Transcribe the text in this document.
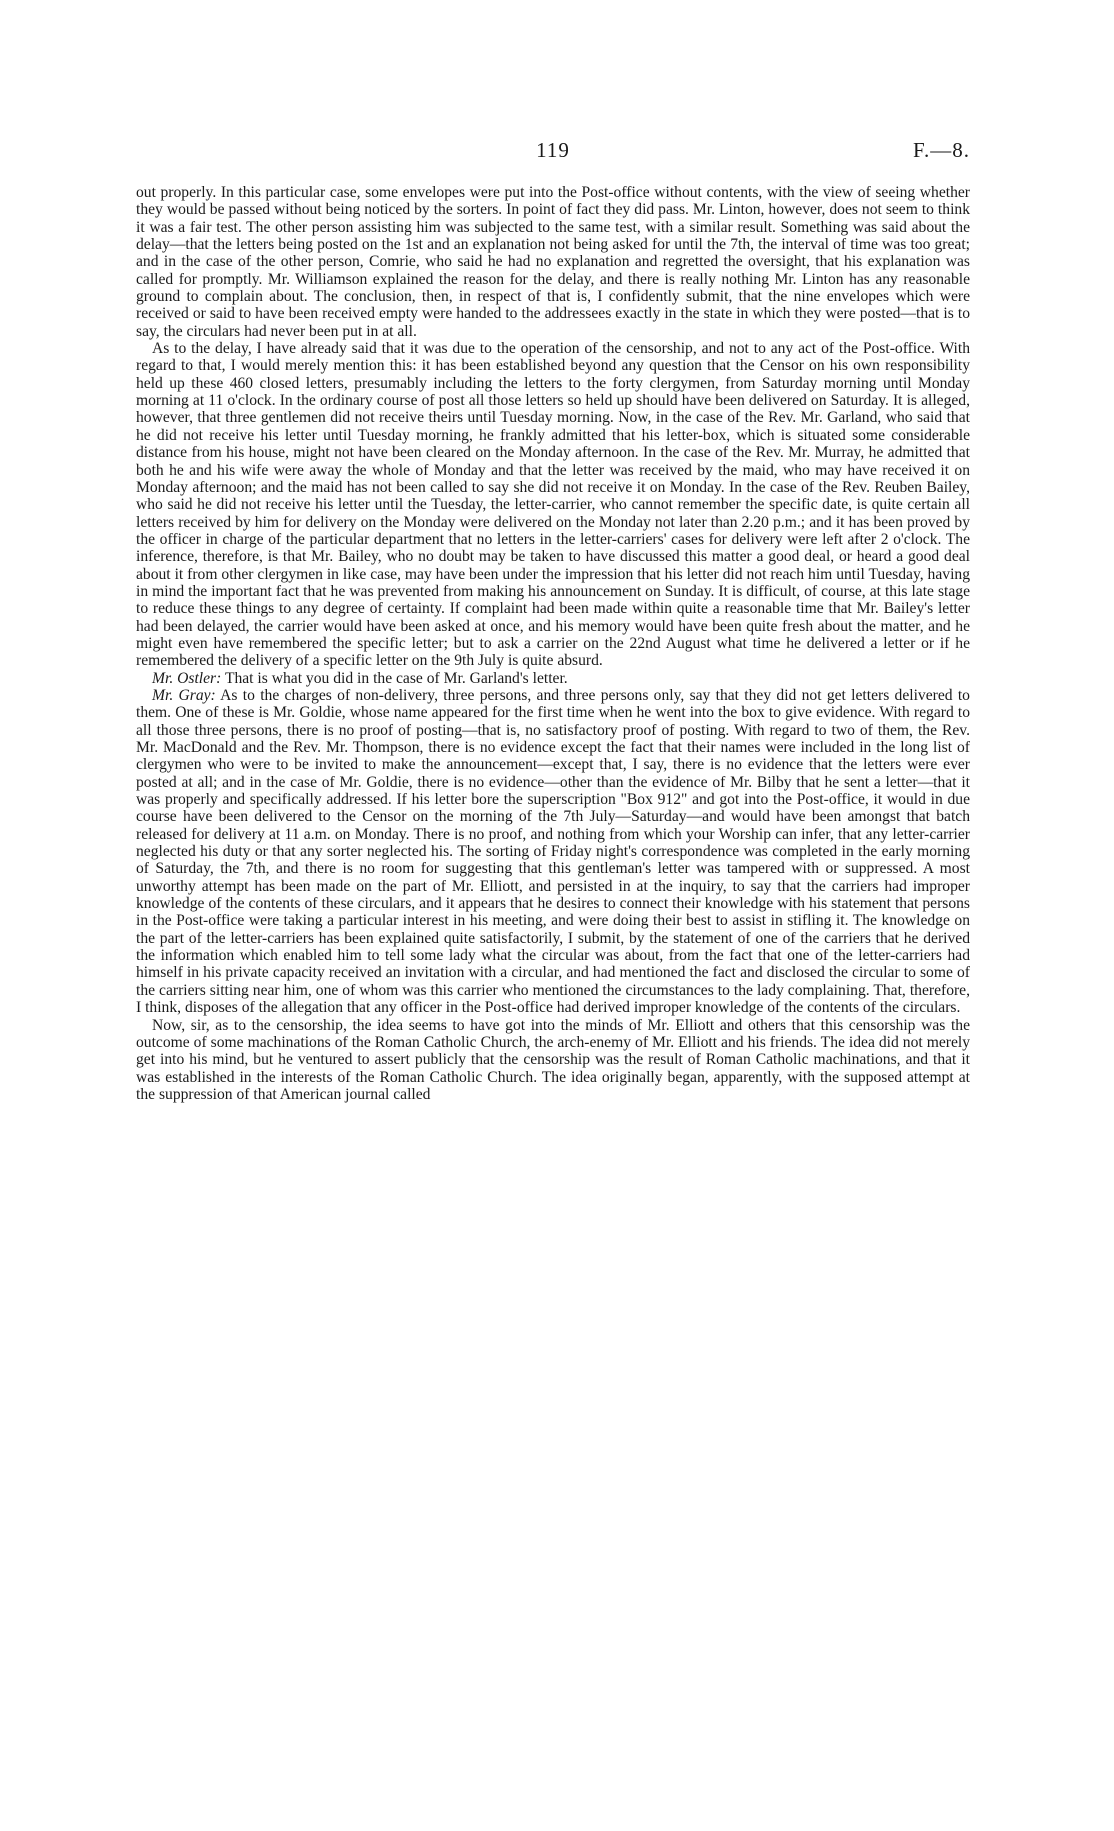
119	F.—8.

out properly. In this particular case, some envelopes were put into the Post-office without contents, with the view of seeing whether they would be passed without being noticed by the sorters. In point of fact they did pass. Mr. Linton, however, does not seem to think it was a fair test. The other person assisting him was subjected to the same test, with a similar result. Something was said about the delay—that the letters being posted on the 1st and an explanation not being asked for until the 7th, the interval of time was too great; and in the case of the other person, Comrie, who said he had no explanation and regretted the oversight, that his explanation was called for promptly. Mr. Williamson explained the reason for the delay, and there is really nothing Mr. Linton has any reasonable ground to complain about. The conclusion, then, in respect of that is, I confidently submit, that the nine envelopes which were received or said to have been received empty were handed to the addressees exactly in the state in which they were posted—that is to say, the circulars had never been put in at all.

As to the delay, I have already said that it was due to the operation of the censorship, and not to any act of the Post-office. With regard to that, I would merely mention this: it has been established beyond any question that the Censor on his own responsibility held up these 460 closed letters, presumably including the letters to the forty clergymen, from Saturday morning until Monday morning at 11 o'clock. In the ordinary course of post all those letters so held up should have been delivered on Saturday. It is alleged, however, that three gentlemen did not receive theirs until Tuesday morning. Now, in the case of the Rev. Mr. Garland, who said that he did not receive his letter until Tuesday morning, he frankly admitted that his letter-box, which is situated some considerable distance from his house, might not have been cleared on the Monday afternoon. In the case of the Rev. Mr. Murray, he admitted that both he and his wife were away the whole of Monday and that the letter was received by the maid, who may have received it on Monday afternoon; and the maid has not been called to say she did not receive it on Monday. In the case of the Rev. Reuben Bailey, who said he did not receive his letter until the Tuesday, the letter-carrier, who cannot remember the specific date, is quite certain all letters received by him for delivery on the Monday were delivered on the Monday not later than 2.20 p.m.; and it has been proved by the officer in charge of the particular department that no letters in the letter-carriers' cases for delivery were left after 2 o'clock. The inference, therefore, is that Mr. Bailey, who no doubt may be taken to have discussed this matter a good deal, or heard a good deal about it from other clergymen in like case, may have been under the impression that his letter did not reach him until Tuesday, having in mind the important fact that he was prevented from making his announcement on Sunday. It is difficult, of course, at this late stage to reduce these things to any degree of certainty. If complaint had been made within quite a reasonable time that Mr. Bailey's letter had been delayed, the carrier would have been asked at once, and his memory would have been quite fresh about the matter, and he might even have remembered the specific letter; but to ask a carrier on the 22nd August what time he delivered a letter or if he remembered the delivery of a specific letter on the 9th July is quite absurd.

Mr. Ostler: That is what you did in the case of Mr. Garland's letter.

Mr. Gray: As to the charges of non-delivery, three persons, and three persons only, say that they did not get letters delivered to them. One of these is Mr. Goldie, whose name appeared for the first time when he went into the box to give evidence. With regard to all those three persons, there is no proof of posting—that is, no satisfactory proof of posting. With regard to two of them, the Rev. Mr. MacDonald and the Rev. Mr. Thompson, there is no evidence except the fact that their names were included in the long list of clergymen who were to be invited to make the announcement—except that, I say, there is no evidence that the letters were ever posted at all; and in the case of Mr. Goldie, there is no evidence—other than the evidence of Mr. Bilby that he sent a letter—that it was properly and specifically addressed. If his letter bore the superscription "Box 912" and got into the Post-office, it would in due course have been delivered to the Censor on the morning of the 7th July—Saturday—and would have been amongst that batch released for delivery at 11 a.m. on Monday. There is no proof, and nothing from which your Worship can infer, that any letter-carrier neglected his duty or that any sorter neglected his. The sorting of Friday night's correspondence was completed in the early morning of Saturday, the 7th, and there is no room for suggesting that this gentleman's letter was tampered with or suppressed. A most unworthy attempt has been made on the part of Mr. Elliott, and persisted in at the inquiry, to say that the carriers had improper knowledge of the contents of these circulars, and it appears that he desires to connect their knowledge with his statement that persons in the Post-office were taking a particular interest in his meeting, and were doing their best to assist in stifling it. The knowledge on the part of the letter-carriers has been explained quite satisfactorily, I submit, by the statement of one of the carriers that he derived the information which enabled him to tell some lady what the circular was about, from the fact that one of the letter-carriers had himself in his private capacity received an invitation with a circular, and had mentioned the fact and disclosed the circular to some of the carriers sitting near him, one of whom was this carrier who mentioned the circumstances to the lady complaining. That, therefore, I think, disposes of the allegation that any officer in the Post-office had derived improper knowledge of the contents of the circulars.

Now, sir, as to the censorship, the idea seems to have got into the minds of Mr. Elliott and others that this censorship was the outcome of some machinations of the Roman Catholic Church, the arch-enemy of Mr. Elliott and his friends. The idea did not merely get into his mind, but he ventured to assert publicly that the censorship was the result of Roman Catholic machinations, and that it was established in the interests of the Roman Catholic Church. The idea originally began, apparently, with the supposed attempt at the suppression of that American journal called
